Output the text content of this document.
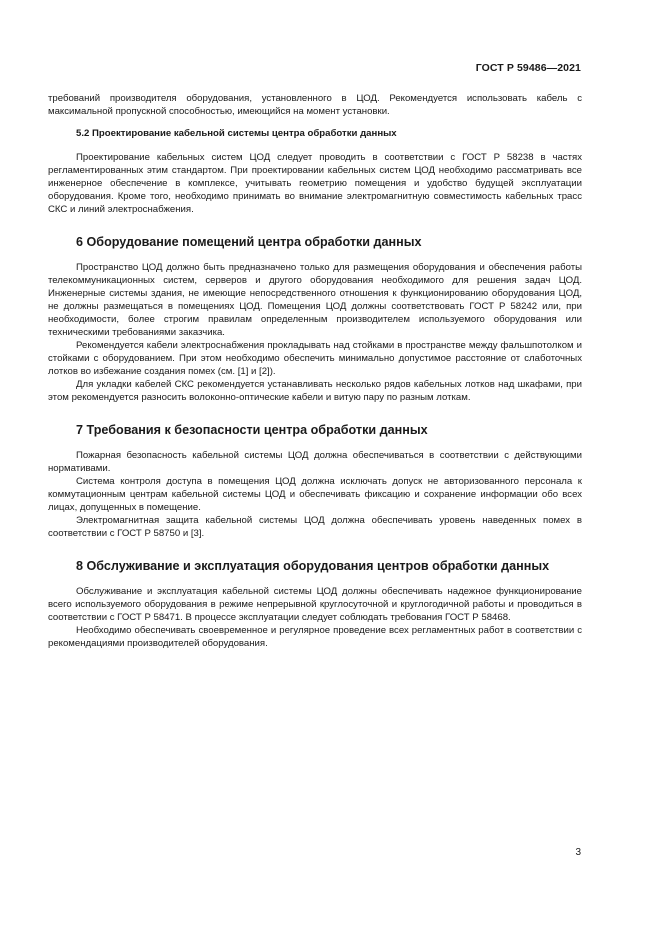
ГОСТ Р 59486—2021

требований производителя оборудования, установленного в ЦОД. Рекомендуется использовать кабель с максимальной пропускной способностью, имеющийся на момент установки.

5.2 Проектирование кабельной системы центра обработки данных

Проектирование кабельных систем ЦОД следует проводить в соответствии с ГОСТ Р 58238 в частях регламентированных этим стандартом. При проектировании кабельных систем ЦОД необходимо рассматривать все инженерное обеспечение в комплексе, учитывать геометрию помещения и удобство будущей эксплуатации оборудования. Кроме того, необходимо принимать во внимание электромагнитную совместимость кабельных трасс СКС и линий электроснабжения.

6 Оборудование помещений центра обработки данных

Пространство ЦОД должно быть предназначено только для размещения оборудования и обеспечения работы телекоммуникационных систем, серверов и другого оборудования необходимого для решения задач ЦОД. Инженерные системы здания, не имеющие непосредственного отношения к функционированию оборудования ЦОД, не должны размещаться в помещениях ЦОД. Помещения ЦОД должны соответствовать ГОСТ Р 58242 или, при необходимости, более строгим правилам определенным производителем используемого оборудования или техническими требованиями заказчика.

Рекомендуется кабели электроснабжения прокладывать над стойками в пространстве между фальшпотолком и стойками с оборудованием. При этом необходимо обеспечить минимально допустимое расстояние от слаботочных лотков во избежание создания помех (см. [1] и [2]).

Для укладки кабелей СКС рекомендуется устанавливать несколько рядов кабельных лотков над шкафами, при этом рекомендуется разносить волоконно-оптические кабели и витую пару по разным лоткам.

7 Требования к безопасности центра обработки данных

Пожарная безопасность кабельной системы ЦОД должна обеспечиваться в соответствии с действующими нормативами.

Система контроля доступа в помещения ЦОД должна исключать допуск не авторизованного персонала к коммутационным центрам кабельной системы ЦОД и обеспечивать фиксацию и сохранение информации обо всех лицах, допущенных в помещение.

Электромагнитная защита кабельной системы ЦОД должна обеспечивать уровень наведенных помех в соответствии с ГОСТ Р 58750 и [3].

8 Обслуживание и эксплуатация оборудования центров обработки данных

Обслуживание и эксплуатация кабельной системы ЦОД должны обеспечивать надежное функционирование всего используемого оборудования в режиме непрерывной круглосуточной и круглогодичной работы и проводиться в соответствии с ГОСТ Р 58471. В процессе эксплуатации следует соблюдать требования ГОСТ Р 58468.

Необходимо обеспечивать своевременное и регулярное проведение всех регламентных работ в соответствии с рекомендациями производителей оборудования.

3
